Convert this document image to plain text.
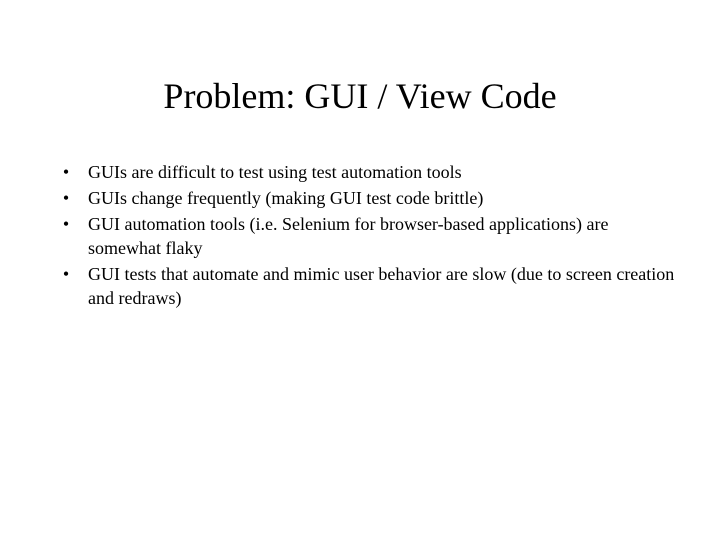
Problem: GUI / View Code
•	GUIs are difficult to test using test automation tools
•	GUIs change frequently (making GUI test code brittle)
•	GUI automation tools (i.e. Selenium for browser-based applications) are somewhat flaky
•	GUI tests that automate and mimic user behavior are slow (due to screen creation and redraws)
